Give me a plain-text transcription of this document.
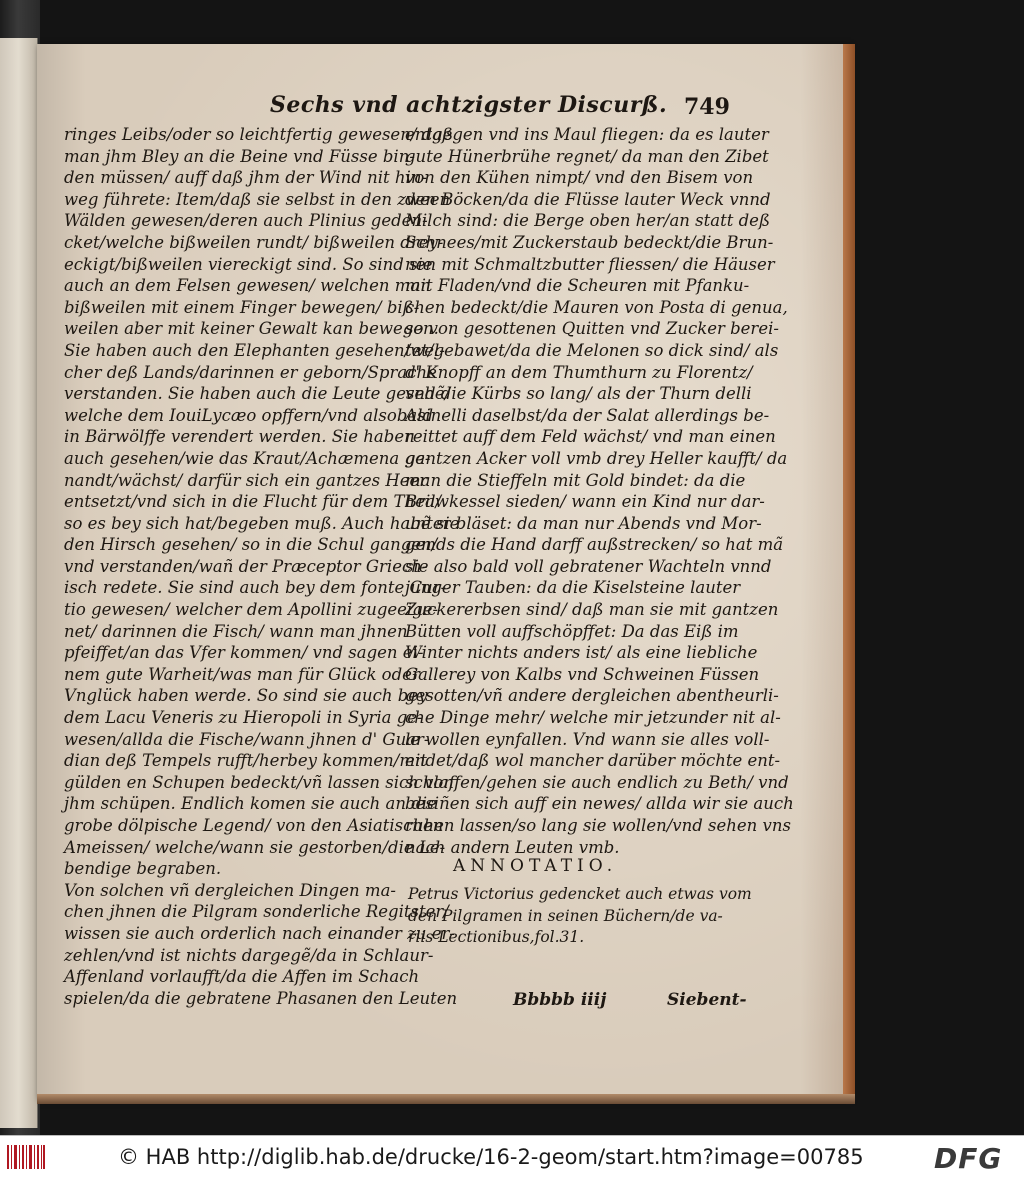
Sechs vnd achtzigster Discurß. 749
ringes Leibs/oder so leichtfertig gewesen/ daß
man jhm Bley an die Beine vnd Füsse bin-
den müssen/ auff daß jhm der Wind nit hin-
weg führete: Item/daß sie selbst in den zween
Wälden gewesen/deren auch Plinius geden-
cket/welche bißweilen rundt/ bißweilen drey-
eckigt/bißweilen viereckigt sind. So sind sie
auch an dem Felsen gewesen/ welchen man
bißweilen mit einem Finger bewegen/ biß-
weilen aber mit keiner Gewalt kan bewegen.
Sie haben auch den Elephanten gesehen/wel-
cher deß Lands/darinnen er geborn/Sprache
verstanden. Sie haben auch die Leute gesehẽ/
welche dem IouiLycæo opffern/vnd alsobald
in Bärwölffe verendert werden. Sie haben
auch gesehen/wie das Kraut/Achæmena ge-
nandt/wächst/ darfür sich ein gantzes Heer
entsetzt/vnd sich in die Flucht für dem Theil/
so es bey sich hat/begeben muß. Auch habẽ sie
den Hirsch gesehen/ so in die Schul gangen/
vnd verstanden/wañ der Præceptor Griech-
isch redete. Sie sind auch bey dem fonte Cur-
tio gewesen/ welcher dem Apollini zugeeige-
net/ darinnen die Fisch/ wann man jhnen
pfeiffet/an das Vfer kommen/ vnd sagen ei-
nem gute Warheit/was man für Glück oder
Vnglück haben werde. So sind sie auch bey
dem Lacu Veneris zu Hieropoli in Syria ge-
wesen/allda die Fische/wann jhnen d' Guar-
dian deß Tempels rufft/herbey kommen/mit
gülden en Schupen bedeckt/vñ lassen sich von
jhm schüpen. Endlich komen sie auch an die
grobe dölpische Legend/ von den Asiatischen
Ameissen/ welche/wann sie gestorben/die Le-
bendige begraben.
Von solchen vñ dergleichen Dingen ma-
chen jhnen die Pilgram sonderliche Regitster/
wissen sie auch orderlich nach einander zu er-
zehlen/vnd ist nichts dargegẽ/da in Schlaur-
Affenland vorlaufft/da die Affen im Schach
spielen/da die gebratene Phasanen den Leuten
entgegen vnd ins Maul fliegen: da es lauter
gute Hünerbrühe regnet/ da man den Zibet
von den Kühen nimpt/ vnd den Bisem von
den Böcken/da die Flüsse lauter Weck vnnd
Milch sind: die Berge oben her/an statt deß
Schnees/mit Zuckerstaub bedeckt/die Brun-
nen mit Schmaltzbutter fliessen/ die Häuser
mit Fladen/vnd die Scheuren mit Pfanku-
chen bedeckt/die Mauren von Posta di genua,
so von gesottenen Quitten vnd Zucker berei-
tet/gebawet/da die Melonen so dick sind/ als
d' Knopff an dem Thumthurn zu Florentz/
vnd die Kürbs so lang/ als der Thurn delli
Asinelli daselbst/da der Salat allerdings be-
reittet auff dem Feld wächst/ vnd man einen
gantzen Acker voll vmb drey Heller kaufft/ da
man die Stieffeln mit Gold bindet: da die
Brawkessel sieden/ wann ein Kind nur dar-
unter bläset: da man nur Abends vnd Mor-
gends die Hand darff außstrecken/ so hat mã
sie also bald voll gebratener Wachteln vnnd
junger Tauben: da die Kiselsteine lauter
Zuckererbsen sind/ daß man sie mit gantzen
Bütten voll auffschöpffet: Da das Eiß im
Winter nichts anders ist/ als eine liebliche
Gallerey von Kalbs vnd Schweinen Füssen
gesotten/vñ andere dergleichen abentheurli-
che Dinge mehr/ welche mir jetzunder nit al-
le wollen eynfallen. Vnd wann sie alles voll-
endet/daß wol mancher darüber möchte ent-
schlaffen/gehen sie auch endlich zu Beth/ vnd
besiñen sich auff ein newes/ allda wir sie auch
ruhen lassen/so lang sie wollen/vnd sehen vns
nach andern Leuten vmb.
ANNOTATIO.
Petrus Victorius gedencket auch etwas vom
den Pilgramen in seinen Büchern/de va-
riis Lectionibus,fol.31.
Bbbbb iiij	Siebent-
© HAB http://diglib.hab.de/drucke/16-2-geom/start.htm?image=00785	DFG
